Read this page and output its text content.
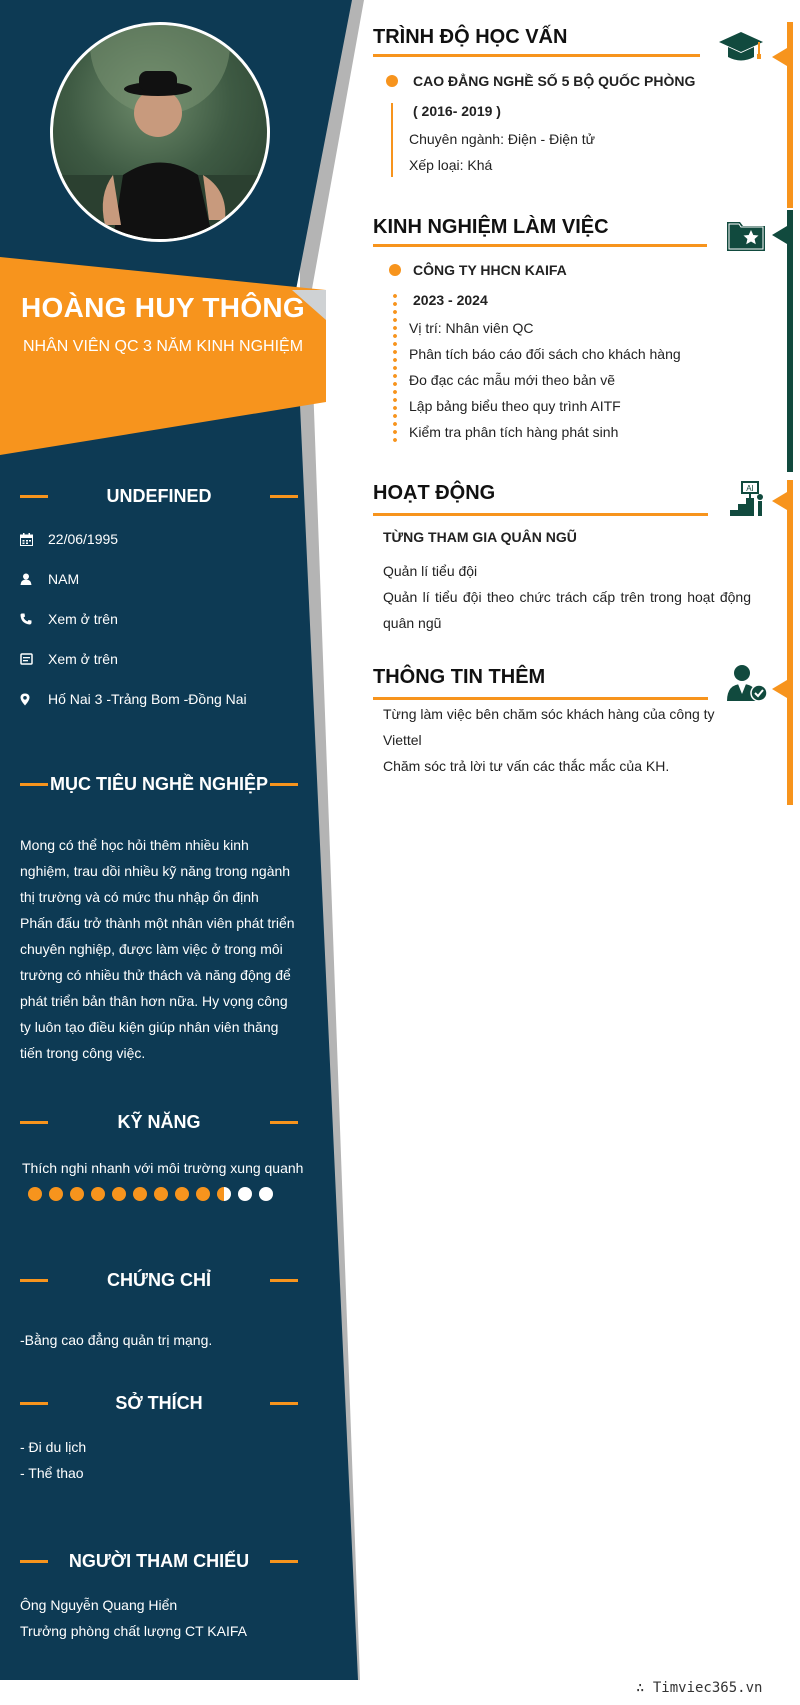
HOÀNG HUY THÔNG
NHÂN VIÊN QC 3 NĂM KINH NGHIỆM
UNDEFINED
22/06/1995
NAM
Xem ở trên
Xem ở trên
Hố Nai 3 -Trảng Bom -Đồng Nai
MỤC TIÊU NGHỀ NGHIỆP
Mong có thể học hỏi thêm nhiều kinh
nghiệm, trau dồi nhiều kỹ năng trong ngành
thị trường và có mức thu nhập ổn định
Phấn đấu trở thành một nhân viên phát triển
chuyên nghiệp, được làm việc ở trong môi
trường có nhiều thử thách và năng động để
phát triển bản thân hơn nữa. Hy vọng công
ty luôn tạo điều kiện giúp nhân viên thăng
tiến trong công việc.
KỸ NĂNG
Thích nghi nhanh với môi trường xung quanh
CHỨNG CHỈ
-Bằng cao đẳng quản trị mạng.
SỞ THÍCH
- Đi du lịch
- Thể thao
NGƯỜI THAM CHIẾU
Ông Nguyễn Quang Hiển
Trưởng phòng chất lượng CT KAIFA
TRÌNH ĐỘ HỌC VẤN
CAO ĐẲNG NGHỀ SỐ 5 BỘ QUỐC PHÒNG
( 2016- 2019 )
Chuyên ngành: Điện - Điện tử
Xếp loại: Khá
KINH NGHIỆM LÀM VIỆC
CÔNG TY HHCN KAIFA
2023 - 2024
Vị trí: Nhân viên QC
Phân tích báo cáo đối sách cho khách hàng
Đo đạc các mẫu mới theo bản vẽ
Lập bảng biểu theo quy trình AITF
Kiểm tra phân tích hàng phát sinh
HOẠT ĐỘNG	AI
TỪNG THAM GIA QUÂN NGŨ
Quản lí tiểu đội
Quản lí tiểu đội theo chức trách cấp trên trong hoạt động
quân ngũ
THÔNG TIN THÊM
Từng làm việc bên chăm sóc khách hàng của công ty
Viettel
Chăm sóc trả lời tư vấn các thắc mắc của KH.
∴ Timviec365.vn
